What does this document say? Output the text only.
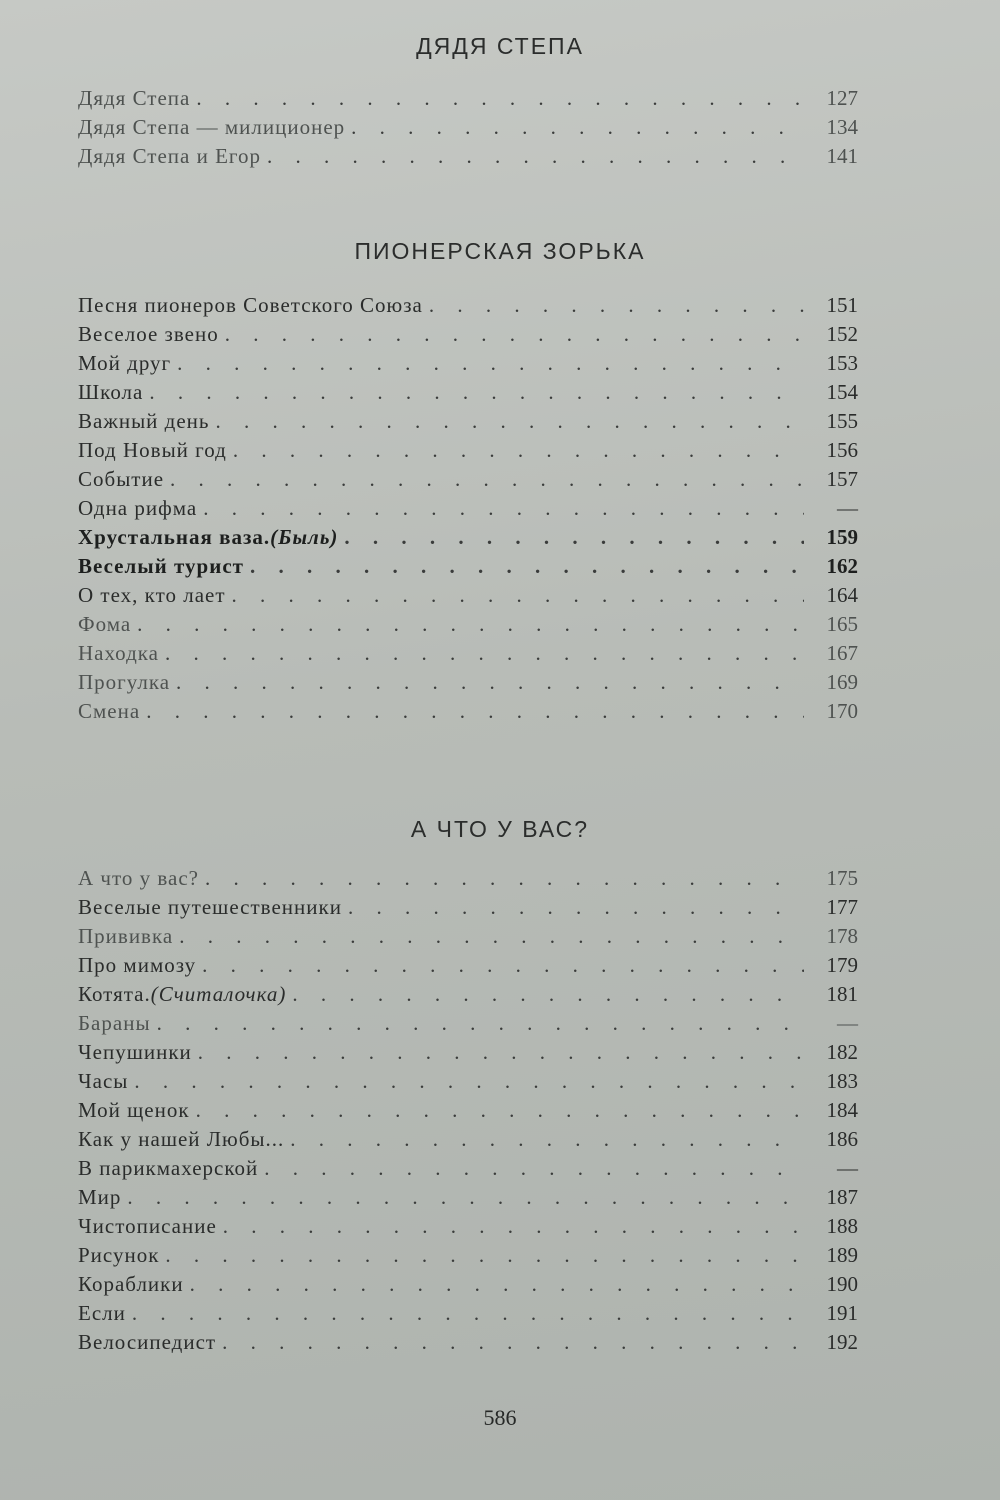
ДЯДЯ СТЕПА
Дядя Степа . . .	127
Дядя Степа — милиционер . . .	134
Дядя Степа и Егор . . .	141
ПИОНЕРСКАЯ ЗОРЬКА
Песня пионеров Советского Союза . . .	151
Веселое звено . . .	152
Мой друг . . .	153
Школа . . .	154
Важный день . . .	155
Под Новый год . . .	156
Событие . . .	157
Одна рифма . . .	—
Хрустальная ваза.(Быль) . . .	159
Веселый турист . . .	162
О тех, кто лает . . .	164
Фома . . .	165
Находка . . .	167
Прогулка . . .	169
Смена . . .	170
А ЧТО У ВАС?
А что у вас? . . .	175
Веселые путешественники . . .	177
Прививка . . .	178
Про мимозу . . .	179
Котята.(Считалочка) . . .	181
Бараны . . .	—
Чепушинки . . .	182
Часы . . .	183
Мой щенок . . .	184
Как у нашей Любы... . . .	186
В парикмахерской . . .	—
Мир . . .	187
Чистописание . . .	188
Рисунок . . .	189
Кораблики . . .	190
Если . . .	191
Велосипедист . . .	192
586
